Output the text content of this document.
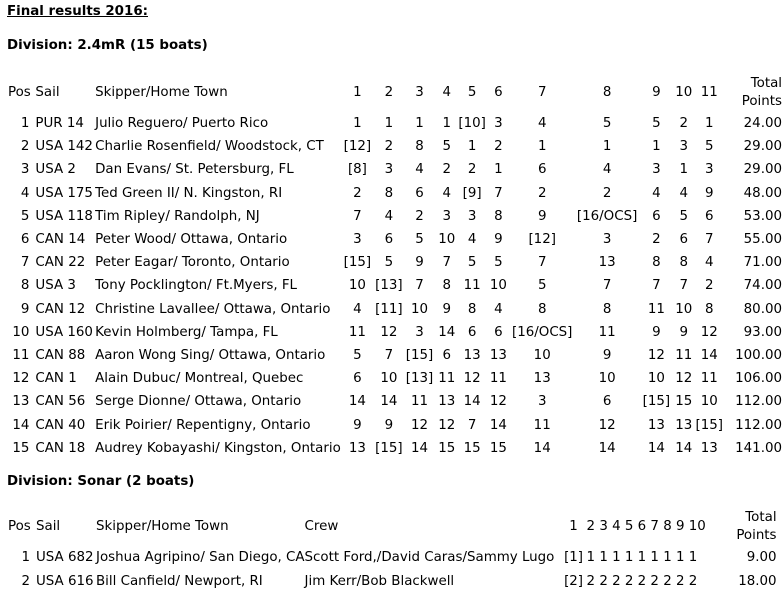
Final results 2016:
Division: 2.4mR (15 boats)
Pos	Sail	Skipper/Home Town	1	2	3	4	5	6	7	8	9	10	11	Total Points
1	PUR 14	Julio Reguero/ Puerto Rico	1	1	1	1	[10]	3	4	5	5	2	1	24.00
2	USA 142	Charlie Rosenfield/ Woodstock, CT	[12]	2	8	5	1	2	1	1	1	3	5	29.00
3	USA 2	Dan Evans/ St. Petersburg, FL	[8]	3	4	2	2	1	6	4	3	1	3	29.00
4	USA 175	Ted Green II/ N. Kingston, RI	2	8	6	4	[9]	7	2	2	4	4	9	48.00
5	USA 118	Tim Ripley/ Randolph, NJ	7	4	2	3	3	8	9	[16/OCS]	6	5	6	53.00
6	CAN 14	Peter Wood/ Ottawa, Ontario	3	6	5	10	4	9	[12]	3	2	6	7	55.00
7	CAN 22	Peter Eagar/ Toronto, Ontario	[15]	5	9	7	5	5	7	13	8	8	4	71.00
8	USA 3	Tony Pocklington/ Ft.Myers, FL	10	[13]	7	8	11	10	5	7	7	7	2	74.00
9	CAN 12	Christine Lavallee/ Ottawa, Ontario	4	[11]	10	9	8	4	8	8	11	10	8	80.00
10	USA 160	Kevin Holmberg/ Tampa, FL	11	12	3	14	6	6	[16/OCS]	11	9	9	12	93.00
11	CAN 88	Aaron Wong Sing/ Ottawa, Ontario	5	7	[15]	6	13	13	10	9	12	11	14	100.00
12	CAN 1	Alain Dubuc/ Montreal, Quebec	6	10	[13]	11	12	11	13	10	10	12	11	106.00
13	CAN 56	Serge Dionne/ Ottawa, Ontario	14	14	11	13	14	12	3	6	[15]	15	10	112.00
14	CAN 40	Erik Poirier/ Repentigny, Ontario	9	9	12	12	7	14	11	12	13	13	[15]	112.00
15	CAN 18	Audrey Kobayashi/ Kingston, Ontario	13	[15]	14	15	15	15	14	14	14	14	13	141.00
Division: Sonar (2 boats)
Pos	Sail	Skipper/Home Town	Crew	1	2 3 4 5 6 7 8 9 10	Total Points
1	USA 682	Joshua Agripino/ San Diego, CA	Scott Ford,/David Caras/Sammy Lugo	[1]	1 1 1 1 1 1 1 1 1	9.00
2	USA 616	Bill Canfield/ Newport, RI	Jim Kerr/Bob Blackwell	[2]	2 2 2 2 2 2 2 2 2	18.00
